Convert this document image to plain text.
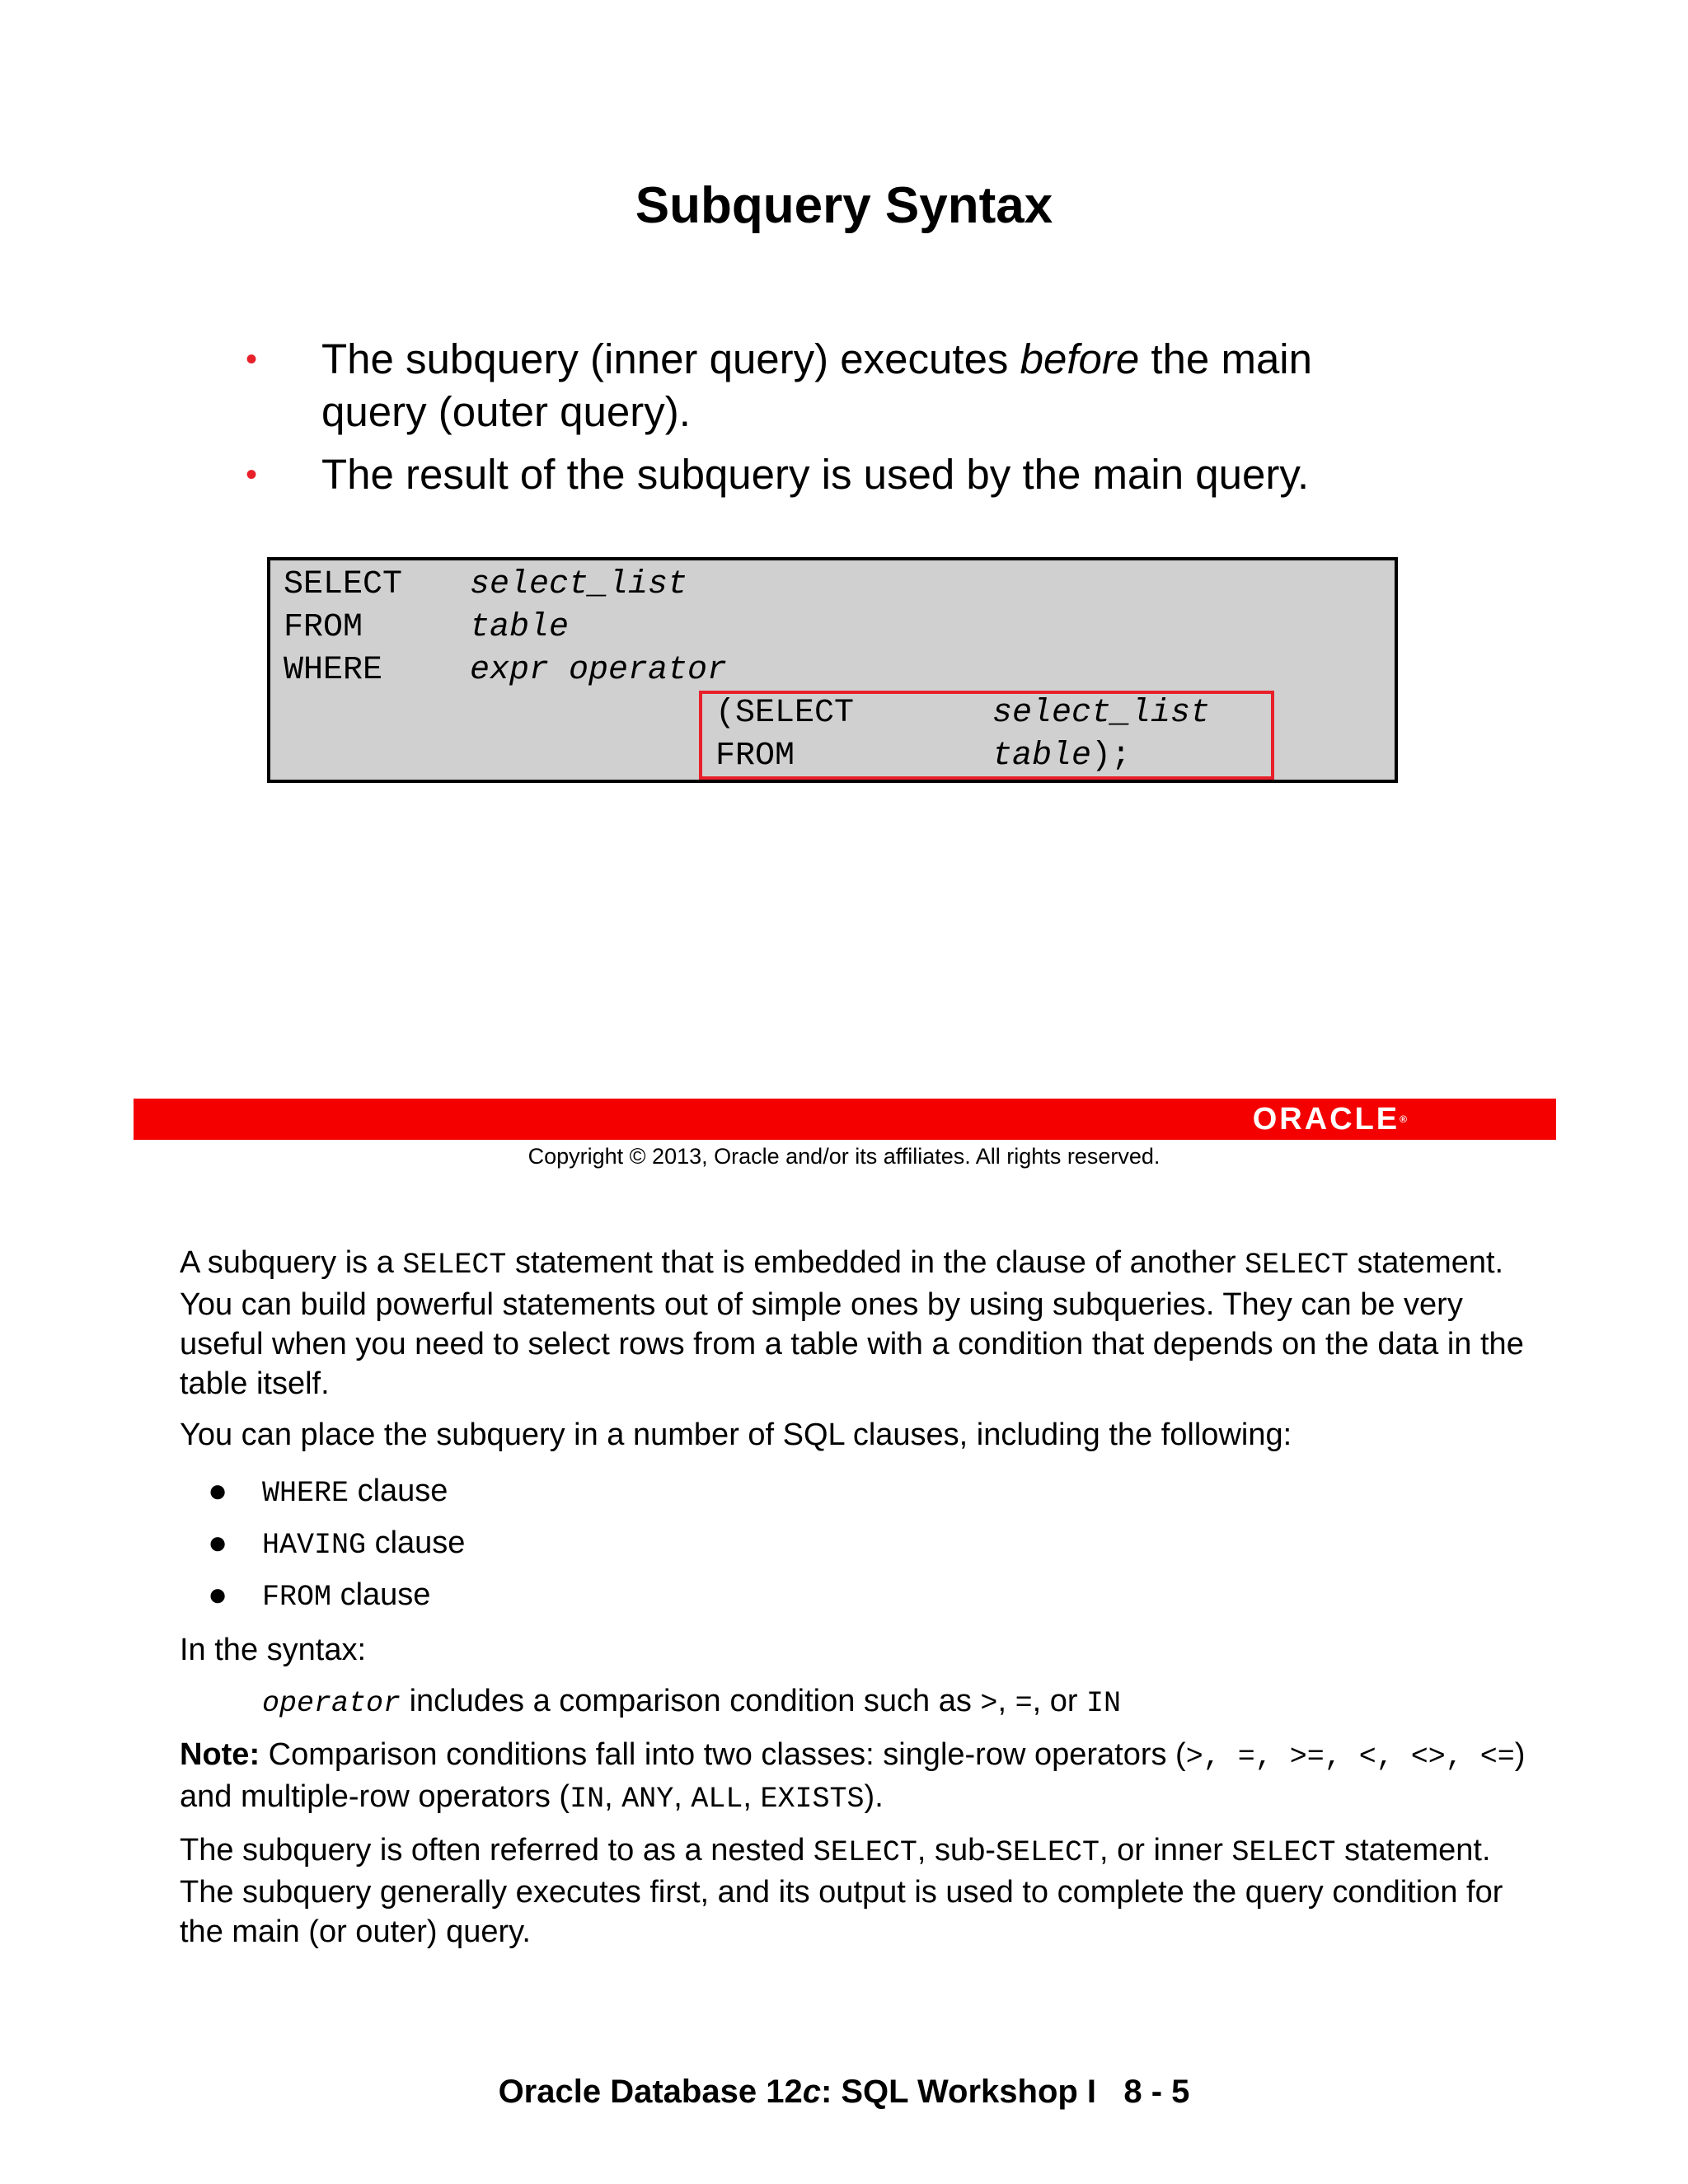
Subquery Syntax
• The subquery (inner query) executes before the main query (outer query).
• The result of the subquery is used by the main query.
SELECT select_list
FROM	table
WHERE	expr operator
(SELECT	select_list
FROM	table);
ORACLE®
Copyright © 2013, Oracle and/or its affiliates. All rights reserved.

A subquery is a SELECT statement that is embedded in the clause of another SELECT statement. You can build powerful statements out of simple ones by using subqueries. They can be very useful when you need to select rows from a table with a condition that depends on the data in the table itself.

You can place the subquery in a number of SQL clauses, including the following:

● WHERE clause
● HAVING clause
● FROM clause

In the syntax:

operator includes a comparison condition such as >, =, or IN

Note: Comparison conditions fall into two classes: single-row operators (>, =, >=, <, <>, <=) and multiple-row operators (IN, ANY, ALL, EXISTS).

The subquery is often referred to as a nested SELECT, sub-SELECT, or inner SELECT statement. The subquery generally executes first, and its output is used to complete the query condition for the main (or outer) query.

Oracle Database 12c: SQL Workshop I   8 - 5
